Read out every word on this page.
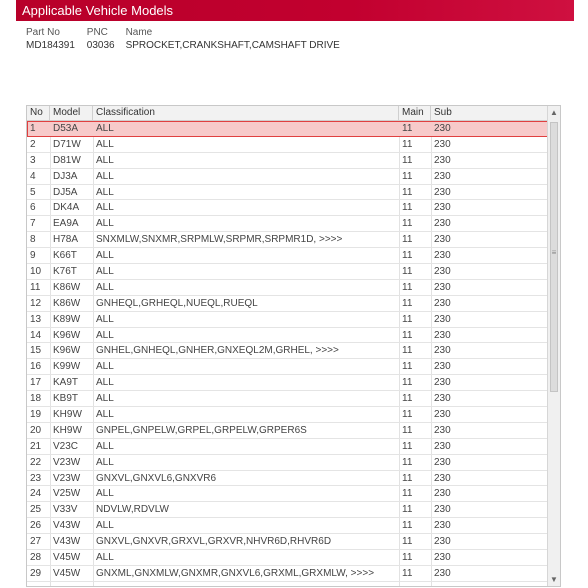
Applicable Vehicle Models
Part No	PNC Name
MD184391 03036 SPROCKET,CRANKSHAFT,CAMSHAFT DRIVE
No	Model	Classification	Main	Sub
1	D53A	ALL	11	230
2	D71W	ALL	11	230
3	D81W	ALL	11	230
4	DJ3A	ALL	11	230
5	DJ5A	ALL	11	230
6	DK4A	ALL	11	230
7	EA9A	ALL	11	230
8	H78A	SNXMLW,SNXMR,SRPMLW,SRPMR,SRPMR1D, >>>>	11	230
9	K66T	ALL	11	230
10	K76T	ALL	11	230
11	K86W	ALL	11	230
12	K86W	GNHEQL,GRHEQL,NUEQL,RUEQL	11	230
13	K89W	ALL	11	230
14	K96W	ALL	11	230
15	K96W	GNHEL,GNHEQL,GNHER,GNXEQL2M,GRHEL, >>>>	11	230
16	K99W	ALL	11	230
17	KA9T	ALL	11	230
18	KB9T	ALL	11	230
19	KH9W	ALL	11	230
20	KH9W	GNPEL,GNPELW,GRPEL,GRPELW,GRPER6S	11	230
21	V23C	ALL	11	230
22	V23W	ALL	11	230
23	V23W	GNXVL,GNXVL6,GNXVR6	11	230
24	V25W	ALL	11	230
25	V33V	NDVLW,RDVLW	11	230
26	V43W	ALL	11	230
27	V43W	GNXVL,GNXVR,GRXVL,GRXVR,NHVR6D,RHVR6D	11	230
28	V45W	ALL	11	230
29	V45W	GNXML,GNXMLW,GNXMR,GNXVL6,GRXML,GRXMLW, >>>>	11	230
▲
≡
▼
